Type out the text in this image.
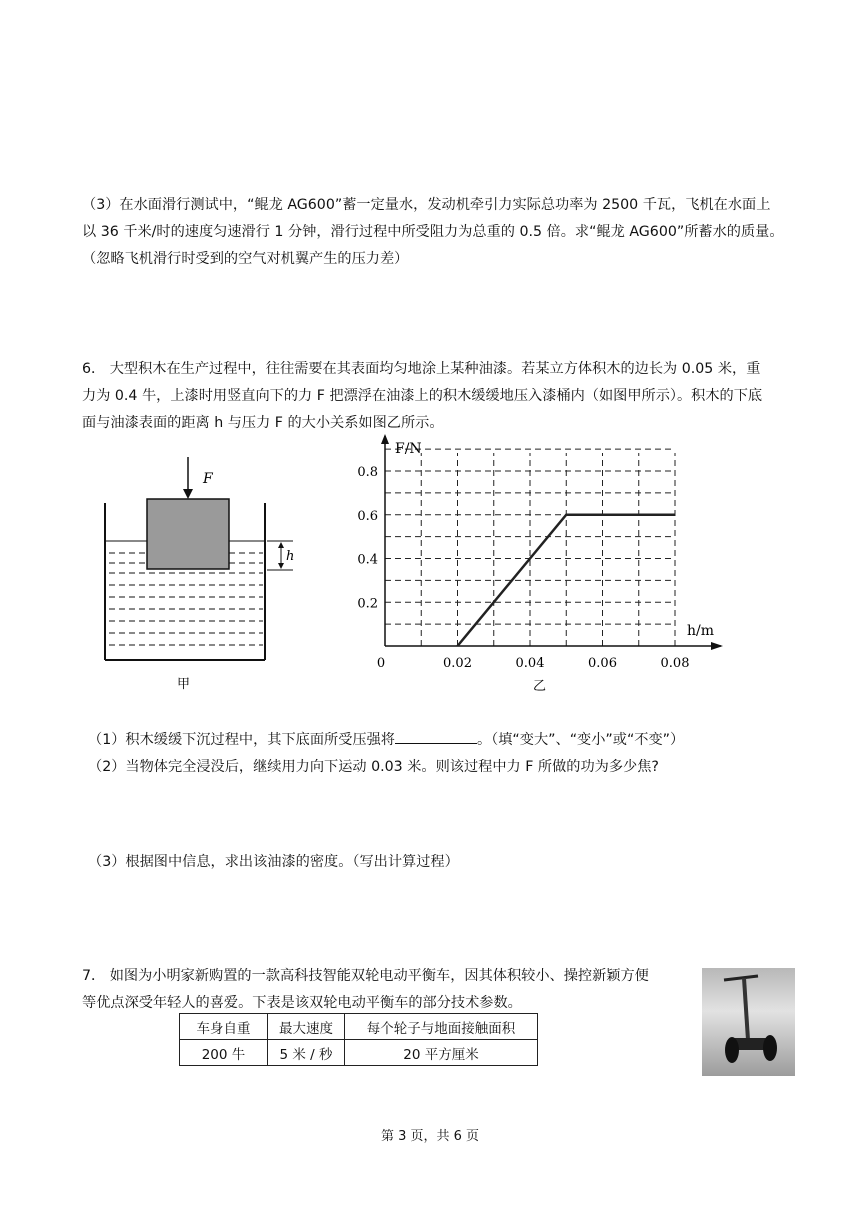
（3）在水面滑行测试中，“鲲龙 AG600”蓄一定量水，发动机牵引力实际总功率为 2500 千瓦，飞机在水面上
以 36 千米/时的速度匀速滑行 1 分钟，滑行过程中所受阻力为总重的 0.5 倍。求“鲲龙 AG600”所蓄水的质量。
（忽略飞机滑行时受到的空气对机翼产生的压力差）
6． 大型积木在生产过程中，往往需要在其表面均匀地涂上某种油漆。若某立方体积木的边长为 0.05 米，重
力为 0.4 牛，上漆时用竖直向下的力 F 把漂浮在油漆上的积木缓缓地压入漆桶内（如图甲所示）。积木的下底
面与油漆表面的距离 h 与压力 F 的大小关系如图乙所示。
F
h
甲
F/N
h/m
0	0.02	0.04	0.06	0.08
0.2
0.4
0.6
0.8
乙
（1）积木缓缓下沉过程中，其下底面所受压强将	。（填“变大”、“变小”或“不变”）
（2）当物体完全浸没后，继续用力向下运动 0.03 米。则该过程中力 F 所做的功为多少焦?
（3）根据图中信息，求出该油漆的密度。（写出计算过程）
7． 如图为小明家新购置的一款高科技智能双轮电动平衡车，因其体积较小、操控新颖方便
等优点深受年轻人的喜爱。下表是该双轮电动平衡车的部分技术参数。
车身自重	最大速度	每个轮子与地面接触面积
200 牛	5 米 / 秒	20 平方厘米
第 3 页，共 6 页
